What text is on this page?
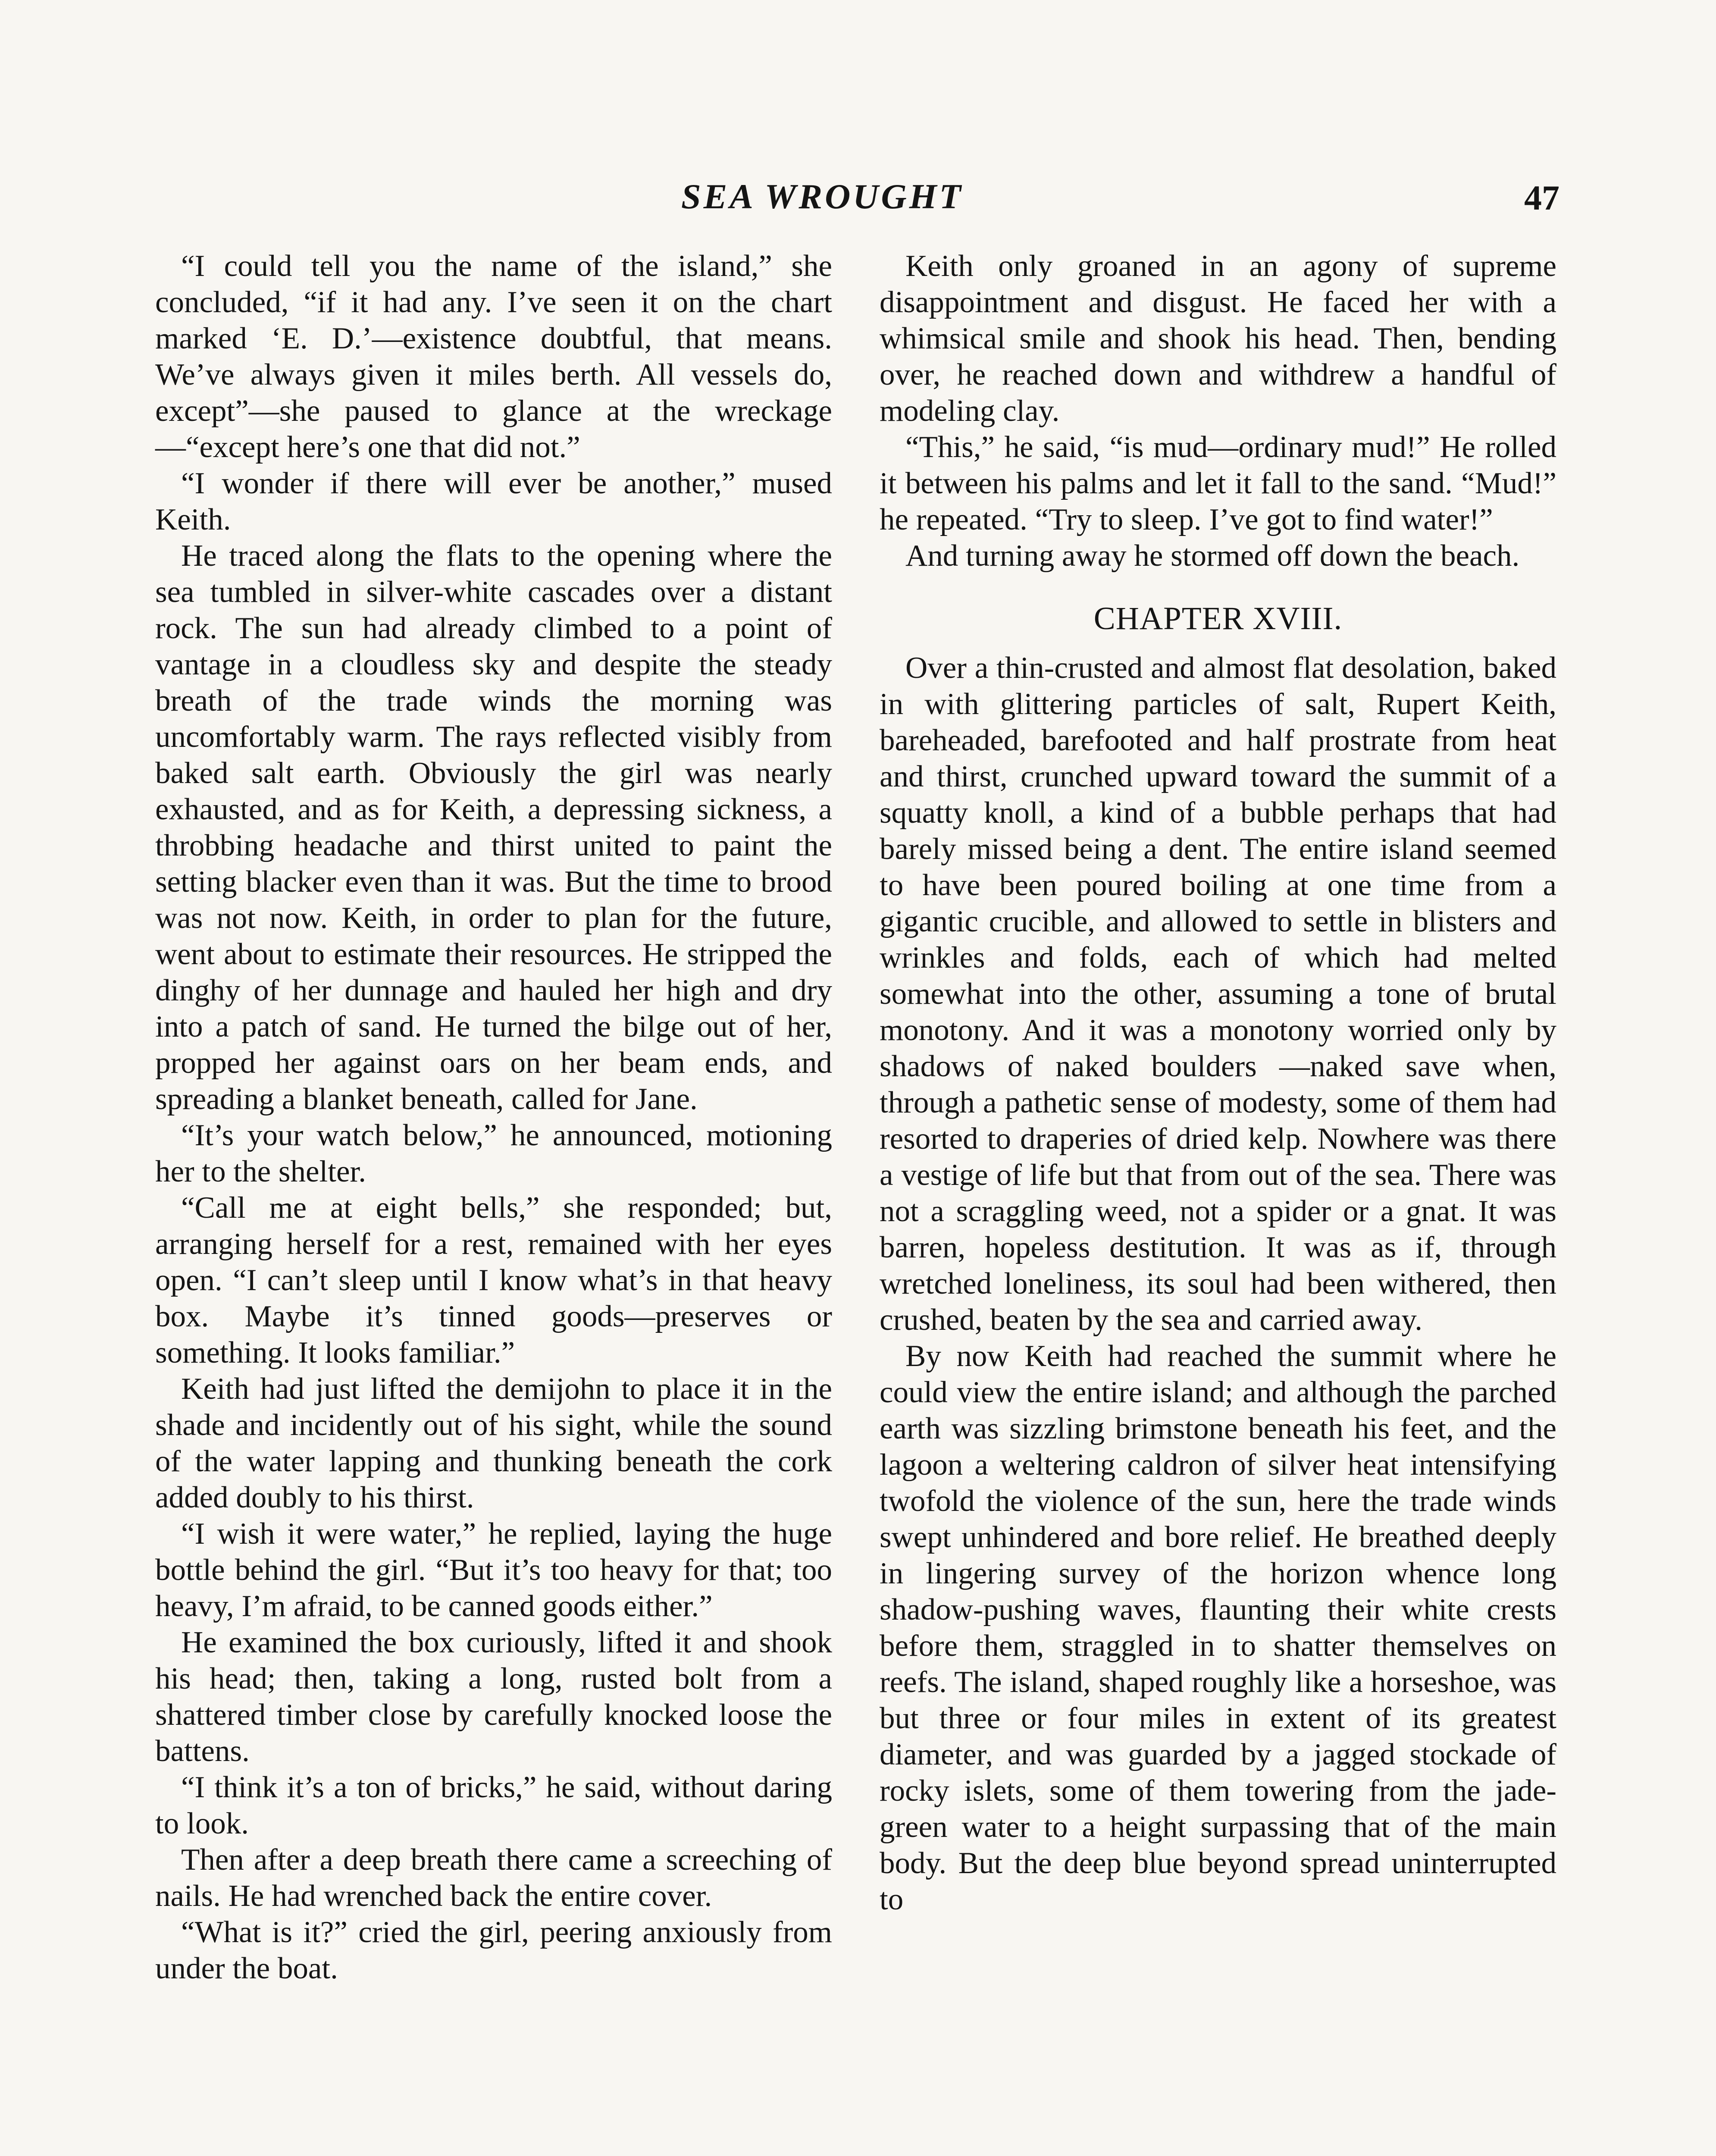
SEA WROUGHT	47

“I could tell you the name of the island,” she concluded, “if it had any. I’ve seen it on the chart marked ‘E. D.’—existence doubtful, that means. We’ve always given it miles berth. All vessels do, except”—she paused to glance at the wreckage—“except here’s one that did not.”

“I wonder if there will ever be another,” mused Keith.

He traced along the flats to the opening where the sea tumbled in silver-white cascades over a distant rock. The sun had already climbed to a point of vantage in a cloudless sky and despite the steady breath of the trade winds the morning was uncomfortably warm. The rays reflected visibly from baked salt earth. Obviously the girl was nearly exhausted, and as for Keith, a depressing sickness, a throbbing headache and thirst united to paint the setting blacker even than it was. But the time to brood was not now. Keith, in order to plan for the future, went about to estimate their resources. He stripped the dinghy of her dunnage and hauled her high and dry into a patch of sand. He turned the bilge out of her, propped her against oars on her beam ends, and spreading a blanket beneath, called for Jane.

“It’s your watch below,” he announced, motioning her to the shelter.

“Call me at eight bells,” she responded; but, arranging herself for a rest, remained with her eyes open. “I can’t sleep until I know what’s in that heavy box. Maybe it’s tinned goods—preserves or something. It looks familiar.”

Keith had just lifted the demijohn to place it in the shade and incidently out of his sight, while the sound of the water lapping and thunking beneath the cork added doubly to his thirst.

“I wish it were water,” he replied, laying the huge bottle behind the girl. “But it’s too heavy for that; too heavy, I’m afraid, to be canned goods either.”

He examined the box curiously, lifted it and shook his head; then, taking a long, rusted bolt from a shattered timber close by carefully knocked loose the battens.

“I think it’s a ton of bricks,” he said, without daring to look.

Then after a deep breath there came a screeching of nails. He had wrenched back the entire cover.

“What is it?” cried the girl, peering anxiously from under the boat.

Keith only groaned in an agony of supreme disappointment and disgust. He faced her with a whimsical smile and shook his head. Then, bending over, he reached down and withdrew a handful of modeling clay.

“This,” he said, “is mud—ordinary mud!” He rolled it between his palms and let it fall to the sand. “Mud!” he repeated. “Try to sleep. I’ve got to find water!”

And turning away he stormed off down the beach.

CHAPTER XVIII.

Over a thin-crusted and almost flat desolation, baked in with glittering particles of salt, Rupert Keith, bareheaded, barefooted and half prostrate from heat and thirst, crunched upward toward the summit of a squatty knoll, a kind of a bubble perhaps that had barely missed being a dent. The entire island seemed to have been poured boiling at one time from a gigantic crucible, and allowed to settle in blisters and wrinkles and folds, each of which had melted somewhat into the other, assuming a tone of brutal monotony. And it was a monotony worried only by shadows of naked boulders —naked save when, through a pathetic sense of modesty, some of them had resorted to draperies of dried kelp. Nowhere was there a vestige of life but that from out of the sea. There was not a scraggling weed, not a spider or a gnat. It was barren, hopeless destitution. It was as if, through wretched loneliness, its soul had been withered, then crushed, beaten by the sea and carried away.

By now Keith had reached the summit where he could view the entire island; and although the parched earth was sizzling brimstone beneath his feet, and the lagoon a weltering caldron of silver heat intensifying twofold the violence of the sun, here the trade winds swept unhindered and bore relief. He breathed deeply in lingering survey of the horizon whence long shadow-pushing waves, flaunting their white crests before them, straggled in to shatter themselves on reefs. The island, shaped roughly like a horseshoe, was but three or four miles in extent of its greatest diameter, and was guarded by a jagged stockade of rocky islets, some of them towering from the jade-green water to a height surpassing that of the main body. But the deep blue beyond spread uninterrupted to
